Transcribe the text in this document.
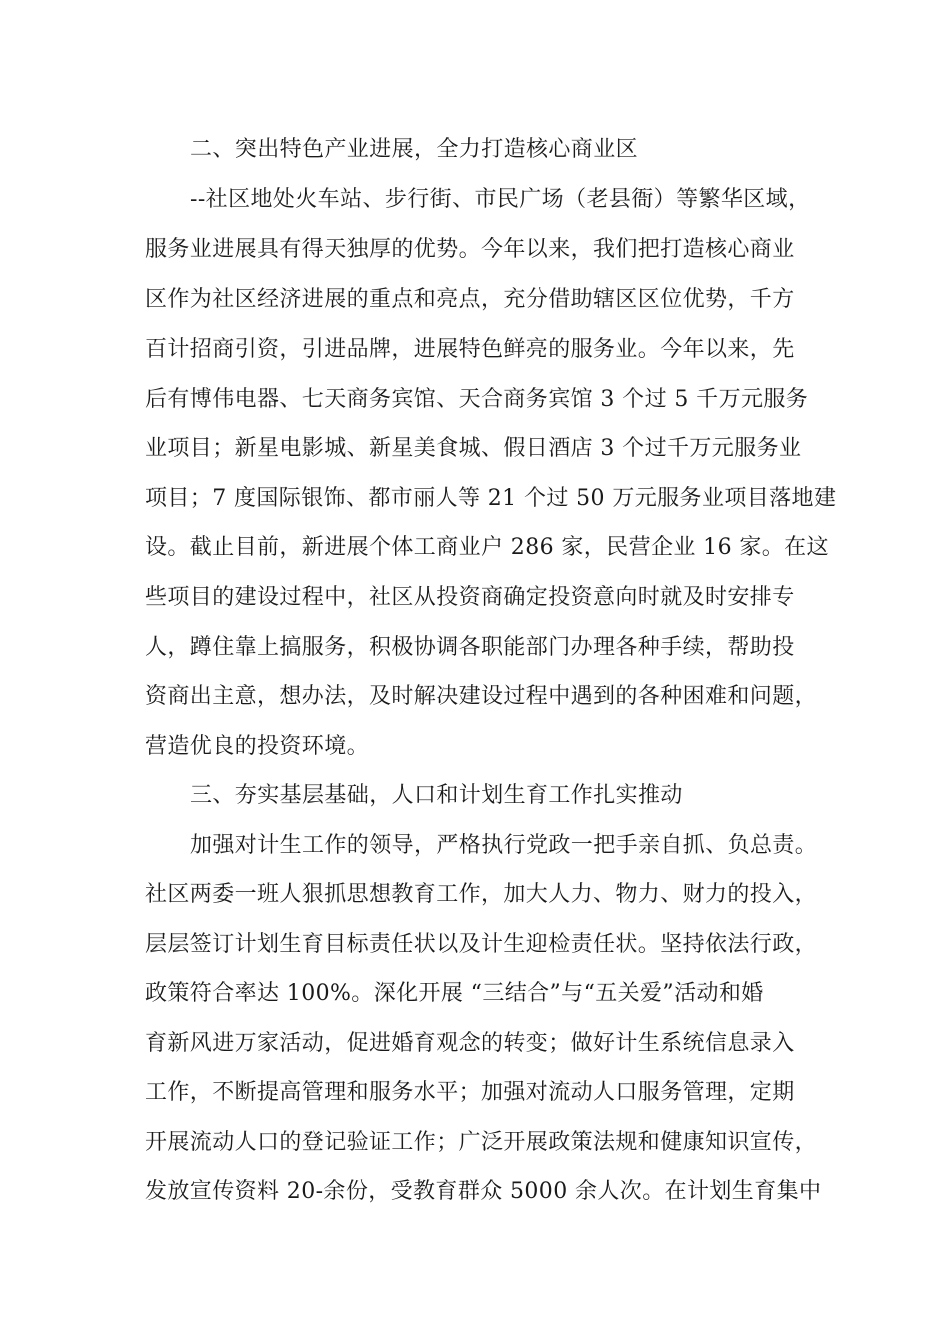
二、突出特色产业进展，全力打造核心商业区
--社区地处火车站、步行街、市民广场（老县衙）等繁华区域，
服务业进展具有得天独厚的优势。今年以来，我们把打造核心商业
区作为社区经济进展的重点和亮点，充分借助辖区区位优势，千方
百计招商引资，引进品牌，进展特色鲜亮的服务业。今年以来，先
后有博伟电器、七天商务宾馆、天合商务宾馆 3 个过 5 千万元服务
业项目；新星电影城、新星美食城、假日酒店 3 个过千万元服务业
项目；7 度国际银饰、都市丽人等 21 个过 50 万元服务业项目落地建
设。截止目前，新进展个体工商业户 286 家，民营企业 16 家。在这
些项目的建设过程中，社区从投资商确定投资意向时就及时安排专
人，蹲住靠上搞服务，积极协调各职能部门办理各种手续，帮助投
资商出主意，想办法，及时解决建设过程中遇到的各种困难和问题，
营造优良的投资环境。
三、夯实基层基础，人口和计划生育工作扎实推动
加强对计生工作的领导，严格执行党政一把手亲自抓、负总责。
社区两委一班人狠抓思想教育工作，加大人力、物力、财力的投入，
层层签订计划生育目标责任状以及计生迎检责任状。坚持依法行政，
政策符合率达 100%。深化开展 “三结合”与“五关爱”活动和婚
育新风进万家活动，促进婚育观念的转变；做好计生系统信息录入
工作，不断提高管理和服务水平；加强对流动人口服务管理，定期
开展流动人口的登记验证工作；广泛开展政策法规和健康知识宣传，
发放宣传资料 20-余份，受教育群众 5000 余人次。在计划生育集中
